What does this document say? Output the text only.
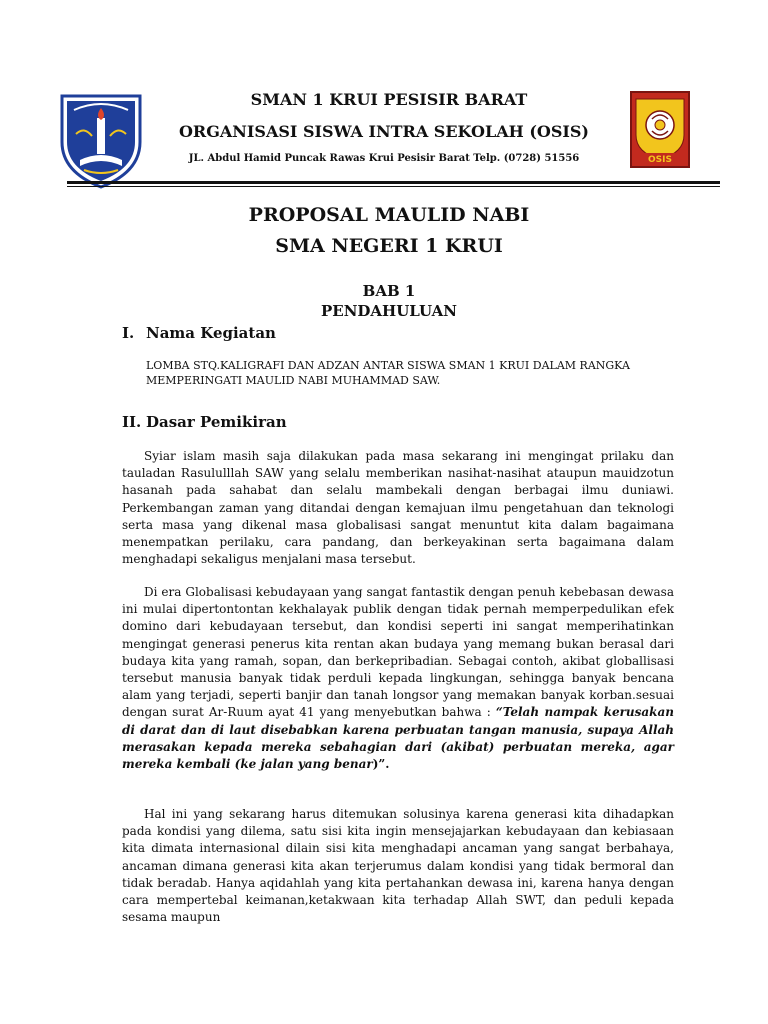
OSIS
SMAN 1 KRUI PESISIR BARAT
ORGANISASI SISWA INTRA SEKOLAH (OSIS)
JL. Abdul Hamid Puncak Rawas Krui Pesisir Barat Telp. (0728) 51556
PROPOSAL MAULID NABI
SMA NEGERI 1 KRUI
BAB 1
PENDAHULUAN
I. Nama Kegiatan
LOMBA STQ.KALIGRAFI DAN ADZAN ANTAR SISWA SMAN 1 KRUI DALAM RANGKA MEMPERINGATI MAULID NABI MUHAMMAD SAW.
II. Dasar Pemikiran

Syiar islam masih saja dilakukan pada masa sekarang ini mengingat prilaku dan tauladan Rasululllah SAW yang selalu memberikan nasihat-nasihat ataupun mauidzotun hasanah pada sahabat dan selalu mambekali dengan berbagai ilmu duniawi. Perkembangan zaman yang ditandai dengan kemajuan ilmu pengetahuan dan teknologi serta masa yang dikenal masa globalisasi sangat menuntut kita dalam bagaimana menempatkan perilaku, cara pandang, dan berkeyakinan serta bagaimana dalam menghadapi sekaligus menjalani masa tersebut.

Di era Globalisasi kebudayaan yang sangat fantastik dengan penuh kebebasan dewasa ini mulai dipertontontan kekhalayak publik dengan tidak pernah memperpedulikan efek domino dari kebudayaan tersebut, dan kondisi seperti ini sangat memperihatinkan mengingat generasi penerus kita rentan akan budaya yang memang bukan berasal dari budaya kita yang ramah, sopan, dan berkepribadian. Sebagai contoh, akibat globallisasi tersebut manusia banyak tidak perduli kepada lingkungan, sehingga banyak bencana alam yang terjadi, seperti banjir dan tanah longsor yang memakan banyak korban.sesuai dengan surat Ar-Ruum ayat 41 yang menyebutkan bahwa : “Telah nampak kerusakan di darat dan di laut disebabkan karena perbuatan tangan manusia, supaya Allah merasakan kepada mereka sebahagian dari (akibat) perbuatan mereka, agar mereka kembali (ke jalan yang benar)”.

Hal ini yang sekarang harus ditemukan solusinya karena generasi kita dihadapkan pada kondisi yang dilema, satu sisi kita ingin mensejajarkan kebudayaan dan kebiasaan kita dimata internasional dilain sisi kita menghadapi ancaman yang sangat berbahaya, ancaman dimana generasi kita akan terjerumus dalam kondisi yang tidak bermoral dan tidak beradab. Hanya aqidahlah yang kita pertahankan dewasa ini, karena hanya dengan cara mempertebal keimanan,ketakwaan kita terhadap Allah SWT, dan peduli kepada sesama maupun
